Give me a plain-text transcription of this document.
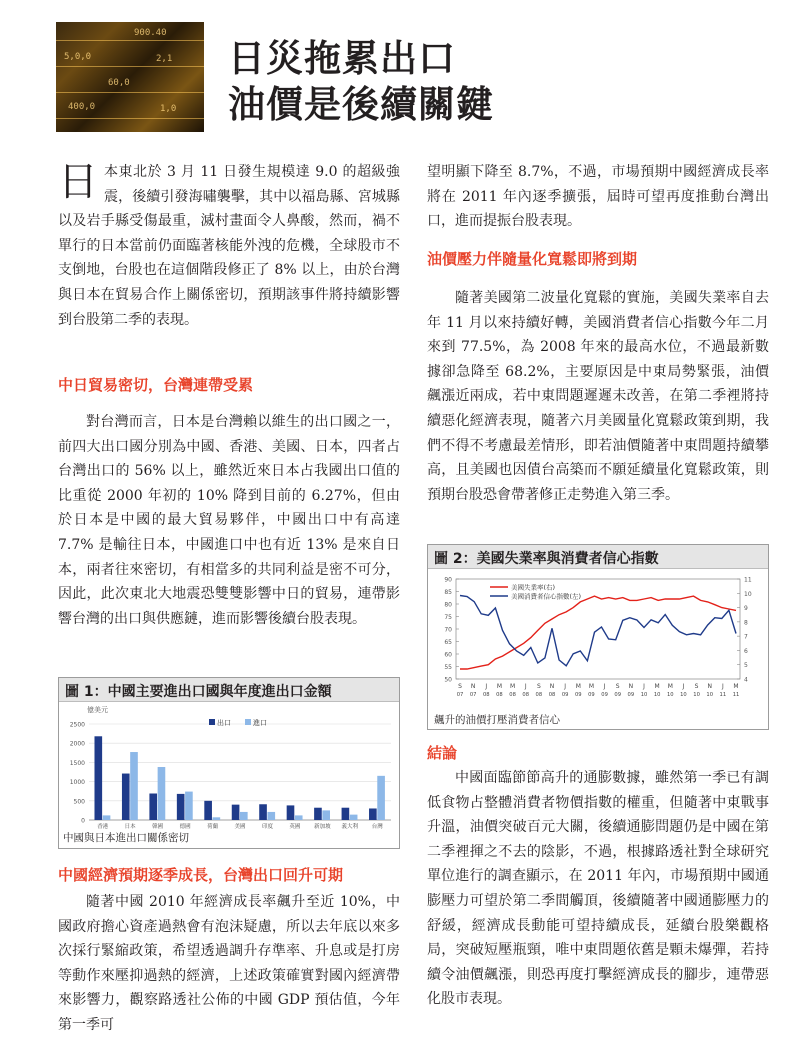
900.40
5,0,0	2,1
60,0
400,0	1,0
日災拖累出口
油價是後續關鍵
日 本東北於 3 月 11 日發生規模達 9.0 的超級強震，後續引發海嘯襲擊，其中以福島縣、宮城縣以及岩手縣受傷最重，滅村畫面令人鼻酸，然而，禍不單行的日本當前仍面臨著核能外洩的危機，全球股市不支倒地，台股也在這個階段修正了 8% 以上，由於台灣與日本在貿易合作上關係密切，預期該事件將持續影響到台股第二季的表現。

中日貿易密切，台灣連帶受累

對台灣而言，日本是台灣賴以維生的出口國之一，前四大出口國分別為中國、香港、美國、日本，四者占台灣出口的 56% 以上，雖然近來日本占我國出口值的比重從 2000 年初的 10% 降到目前的 6.27%，但由於日本是中國的最大貿易夥伴，中國出口中有高達 7.7% 是輸往日本，中國進口中也有近 13% 是來自日本，兩者往來密切，有相當多的共同利益是密不可分，因此，此次東北大地震恐雙雙影響中日的貿易，連帶影響台灣的出口與供應鏈，進而影響後續台股表現。

圖 1：中國主要進出口國與年度進出口金額
億美元
0
500
1000
1500
2000
2500
香港	日本	韓國	德國	荷蘭	美國	印度	英國 新加坡 義大利 台灣
出口	進口
中國與日本進出口關係密切
中國經濟預期逐季成長，台灣出口回升可期

隨著中國 2010 年經濟成長率飆升至近 10%，中國政府擔心資產過熱會有泡沫疑慮，所以去年底以來多次採行緊縮政策，希望透過調升存準率、升息或是打房等動作來壓抑過熱的經濟，上述政策確實對國內經濟帶來影響力，觀察路透社公佈的中國 GDP 預估值，今年第一季可

望明顯下降至 8.7%，不過，市場預期中國經濟成長率將在 2011 年內逐季擴張，屆時可望再度推動台灣出口，進而提振台股表現。

油價壓力伴隨量化寬鬆即將到期

隨著美國第二波量化寬鬆的實施，美國失業率自去年 11 月以來持續好轉，美國消費者信心指數今年二月來到 77.5%，為 2008 年來的最高水位，不過最新數據卻急降至 68.2%，主要原因是中東局勢緊張，油價飆漲近兩成，若中東問題遲遲未改善，在第二季裡將持續惡化經濟表現，隨著六月美國量化寬鬆政策到期，我們不得不考慮最差情形，即若油價隨著中東問題持續攀高，且美國也因債台高築而不願延續量化寬鬆政策，則預期台股恐會帶著修正走勢進入第三季。

圖 2：美國失業率與消費者信心指數
50
55
60
65
70
75
80
85
90
4
5
6
7
8
9
10
11
S
07
N
07
J
08
M
08
M
08
J
08
S
08
N
08
J
09
M
09
M
09
J
09
S
09
N
09
J
10
M
10
M
10
J
10
S
10
N
10
J
11
M
11
美國失業率(右)
美國消費者信心指數(左)
飆升的油價打壓消費者信心
結論

中國面臨節節高升的通膨數據，雖然第一季已有調低食物占整體消費者物價指數的權重，但隨著中東戰事升溫，油價突破百元大關，後續通膨問題仍是中國在第二季裡揮之不去的陰影，不過，根據路透社對全球研究單位進行的調查顯示，在 2011 年內，市場預期中國通膨壓力可望於第二季間觸頂，後續隨著中國通膨壓力的舒緩，經濟成長動能可望持續成長，延續台股樂觀格局，突破短壓瓶頸，唯中東問題依舊是顆未爆彈，若持續令油價飆漲，則恐再度打擊經濟成長的腳步，連帶惡化股市表現。
